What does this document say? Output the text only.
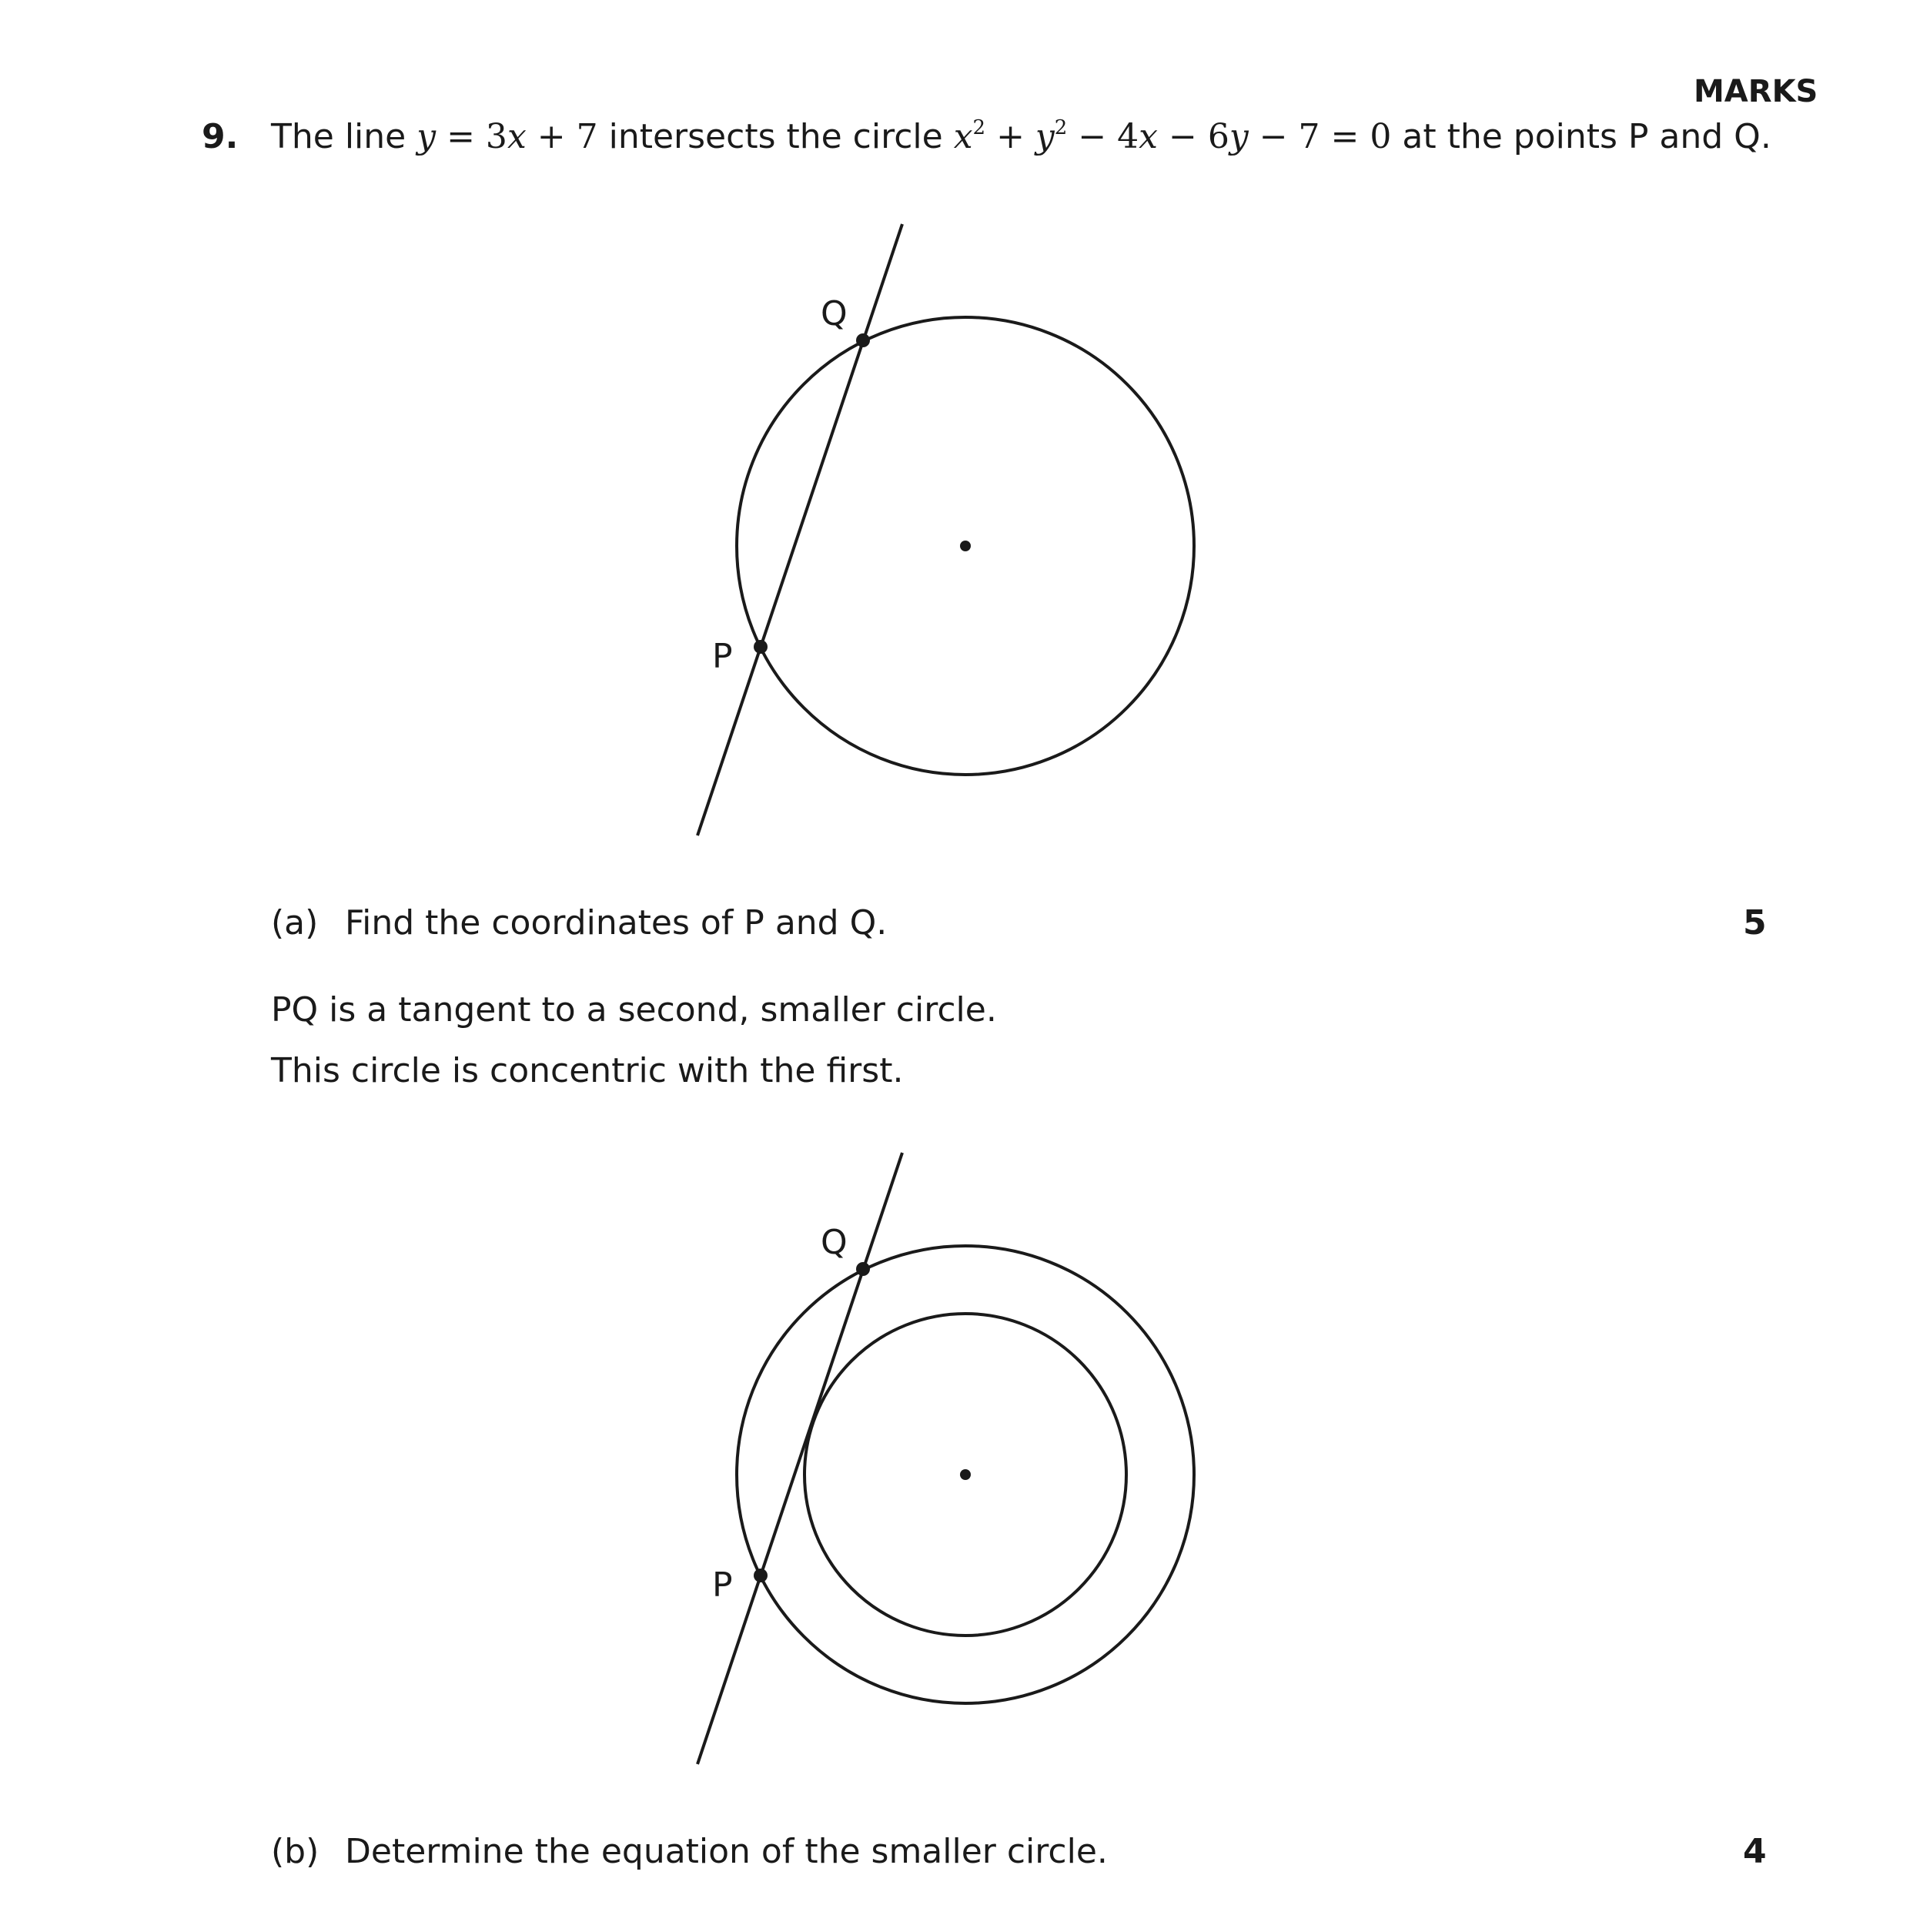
MARKS
9. The line y = 3x + 7 intersects the circle $x^2 + y^2 - 4x - 6y - 7 = 0$ at the points P and Q.
Q
P
(a) Find the coordinates of P and Q.	5
PQ is a tangent to a second, smaller circle.
This circle is concentric with the first.
Q
P
(b) Determine the equation of the smaller circle.	4
